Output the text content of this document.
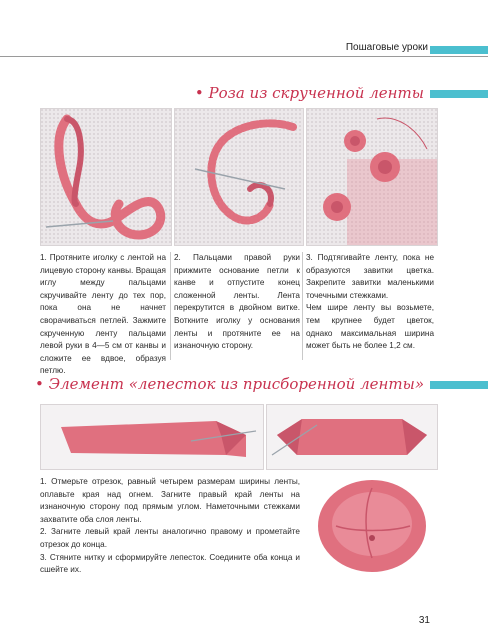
Пошаговые уроки
• Роза из скрученной ленты

1. Протяните иголку с лентой на лицевую сторону канвы. Вращая иглу между пальцами скручивайте ленту до тех пор, пока она не начнет сворачиваться петлей. Зажмите скрученную ленту пальцами левой руки в 4—5 см от канвы и сложите ее вдвое, образуя петлю.

2. Пальцами правой руки прижмите основание петли к канве и отпустите конец сложенной ленты. Лента перекрутится в двойном витке. Воткните иголку у основания ленты и протяните ее на изнаночную сторону.

3. Подтягивайте ленту, пока не образуются завитки цветка. Закрепите завитки маленькими точечными стежками.

Чем шире ленту вы возьмете, тем крупнее будет цветок, однако максимальная ширина может быть не более 1,2 см.

• Элемент «лепесток из присборенной ленты»

1. Отмерьте отрезок, равный четырем размерам ширины ленты, оплавьте края над огнем. Загните правый край ленты на изнаночную сторону под прямым углом. Наметочными стежками захватите оба слоя ленты.

2. Загните левый край ленты аналогично правому и прометайте отрезок до конца.

3. Стяните нитку и сформируйте лепесток. Соедините оба конца и сшейте их.

31
